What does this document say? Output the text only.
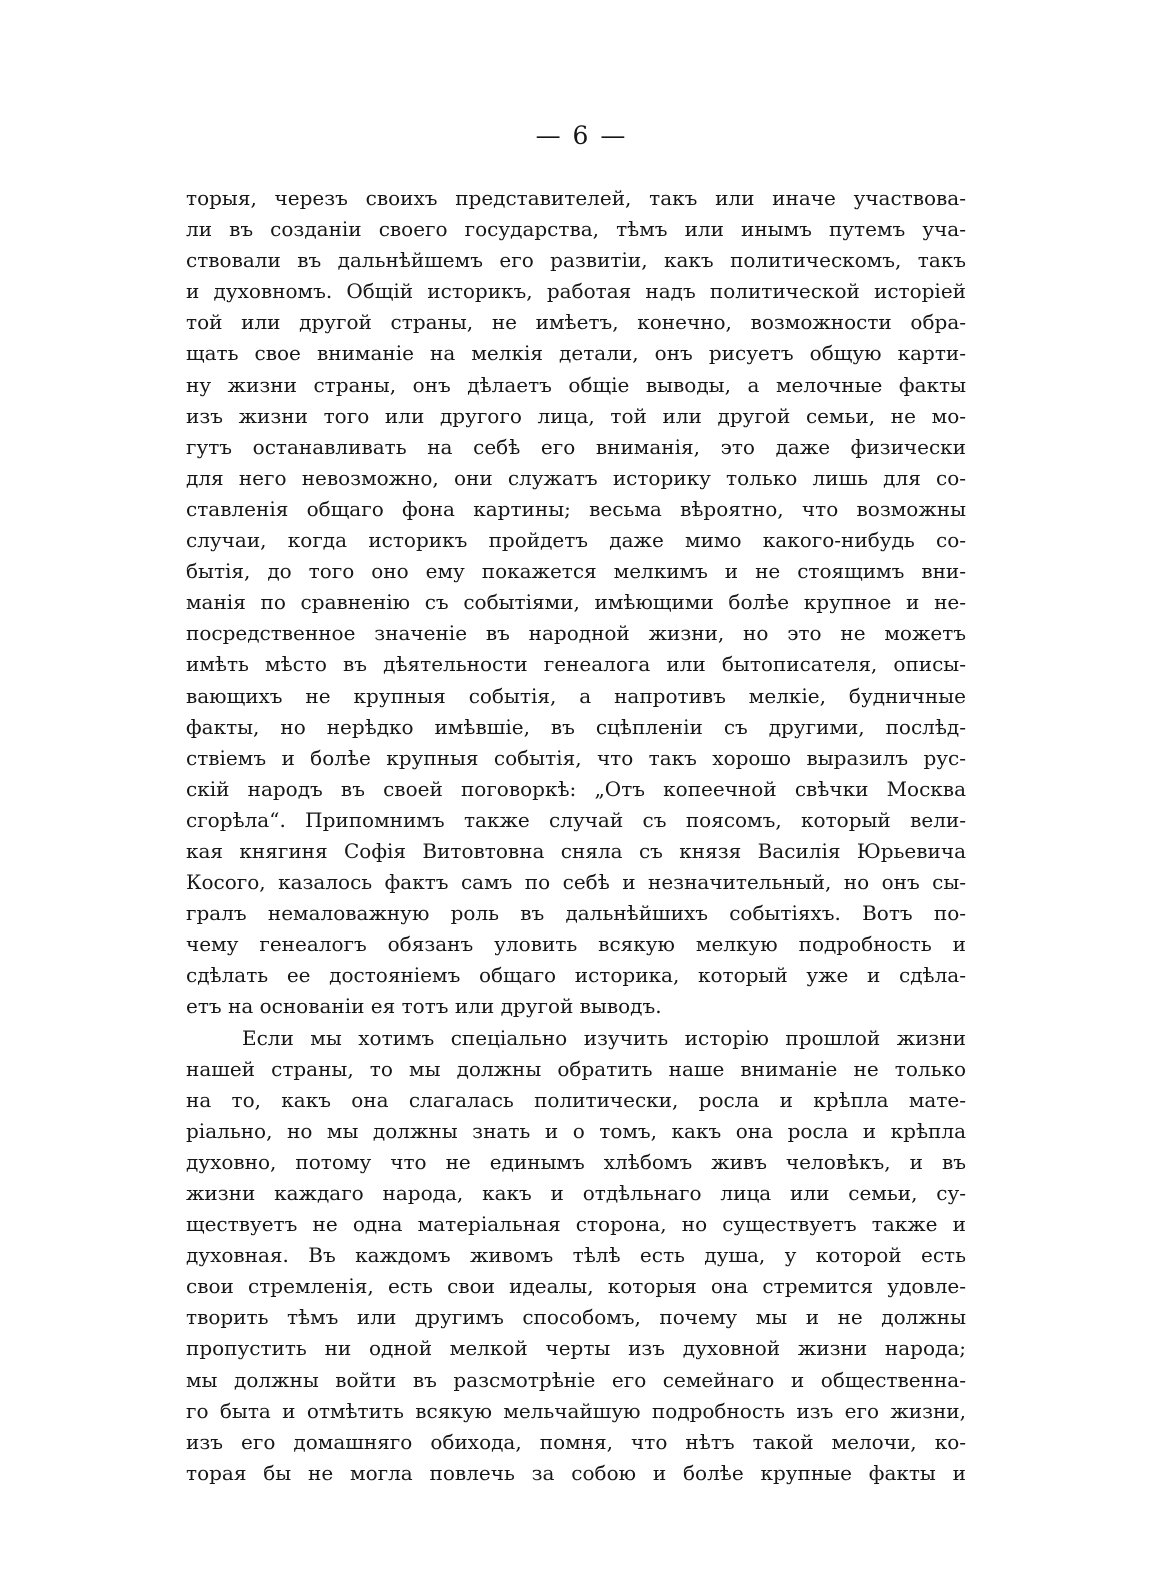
— 6 —
торыя, черезъ своихъ представителей, такъ или иначе участвова-
ли въ созданіи своего государства, тѣмъ или инымъ путемъ уча-
ствовали въ дальнѣйшемъ его развитіи, какъ политическомъ, такъ
и духовномъ. Общій историкъ, работая надъ политической исторіей
той или другой страны, не имѣетъ, конечно, возможности обра-
щать свое вниманіе на мелкія детали, онъ рисуетъ общую карти-
ну жизни страны, онъ дѣлаетъ общіе выводы, а мелочные факты
изъ жизни того или другого лица, той или другой семьи, не мо-
гутъ останавливать на себѣ его вниманія, это даже физически
для него невозможно, они служатъ историку только лишь для со-
ставленія общаго фона картины; весьма вѣроятно, что возможны
случаи, когда историкъ пройдетъ даже мимо какого-нибудь со-
бытія, до того оно ему покажется мелкимъ и не стоящимъ вни-
манія по сравненію съ событіями, имѣющими болѣе крупное и не-
посредственное значеніе въ народной жизни, но это не можетъ
имѣть мѣсто въ дѣятельности генеалога или бытописателя, описы-
вающихъ не крупныя событія, а напротивъ мелкіе, будничные
факты, но нерѣдко имѣвшіе, въ сцѣпленіи съ другими, послѣд-
ствіемъ и болѣе крупныя событія, что такъ хорошо выразилъ рус-
скій народъ въ своей поговоркѣ: „Отъ копеечной свѣчки Москва
сгорѣла“. Припомнимъ также случай съ поясомъ, который вели-
кая княгиня Софія Витовтовна сняла съ князя Василія Юрьевича
Косого, казалось фактъ самъ по себѣ и незначительный, но онъ сы-
гралъ немаловажную роль въ дальнѣйшихъ событіяхъ. Вотъ по-
чему генеалогъ обязанъ уловить всякую мелкую подробность и
сдѣлать ее достояніемъ общаго историка, который уже и сдѣла-
етъ на основаніи ея тотъ или другой выводъ.
Если мы хотимъ спеціально изучить исторію прошлой жизни
нашей страны, то мы должны обратить наше вниманіе не только
на то, какъ она слагалась политически, росла и крѣпла мате-
ріально, но мы должны знать и о томъ, какъ она росла и крѣпла
духовно, потому что не единымъ хлѣбомъ живъ человѣкъ, и въ
жизни каждаго народа, какъ и отдѣльнаго лица или семьи, су-
ществуетъ не одна матеріальная сторона, но существуетъ также и
духовная. Въ каждомъ живомъ тѣлѣ есть душа, у которой есть
свои стремленія, есть свои идеалы, которыя она стремится удовле-
творить тѣмъ или другимъ способомъ, почему мы и не должны
пропустить ни одной мелкой черты изъ духовной жизни народа;
мы должны войти въ разсмотрѣніе его семейнаго и общественна-
го быта и отмѣтить всякую мельчайшую подробность изъ его жизни,
изъ его домашняго обихода, помня, что нѣтъ такой мелочи, ко-
торая бы не могла повлечь за собою и болѣе крупные факты и
